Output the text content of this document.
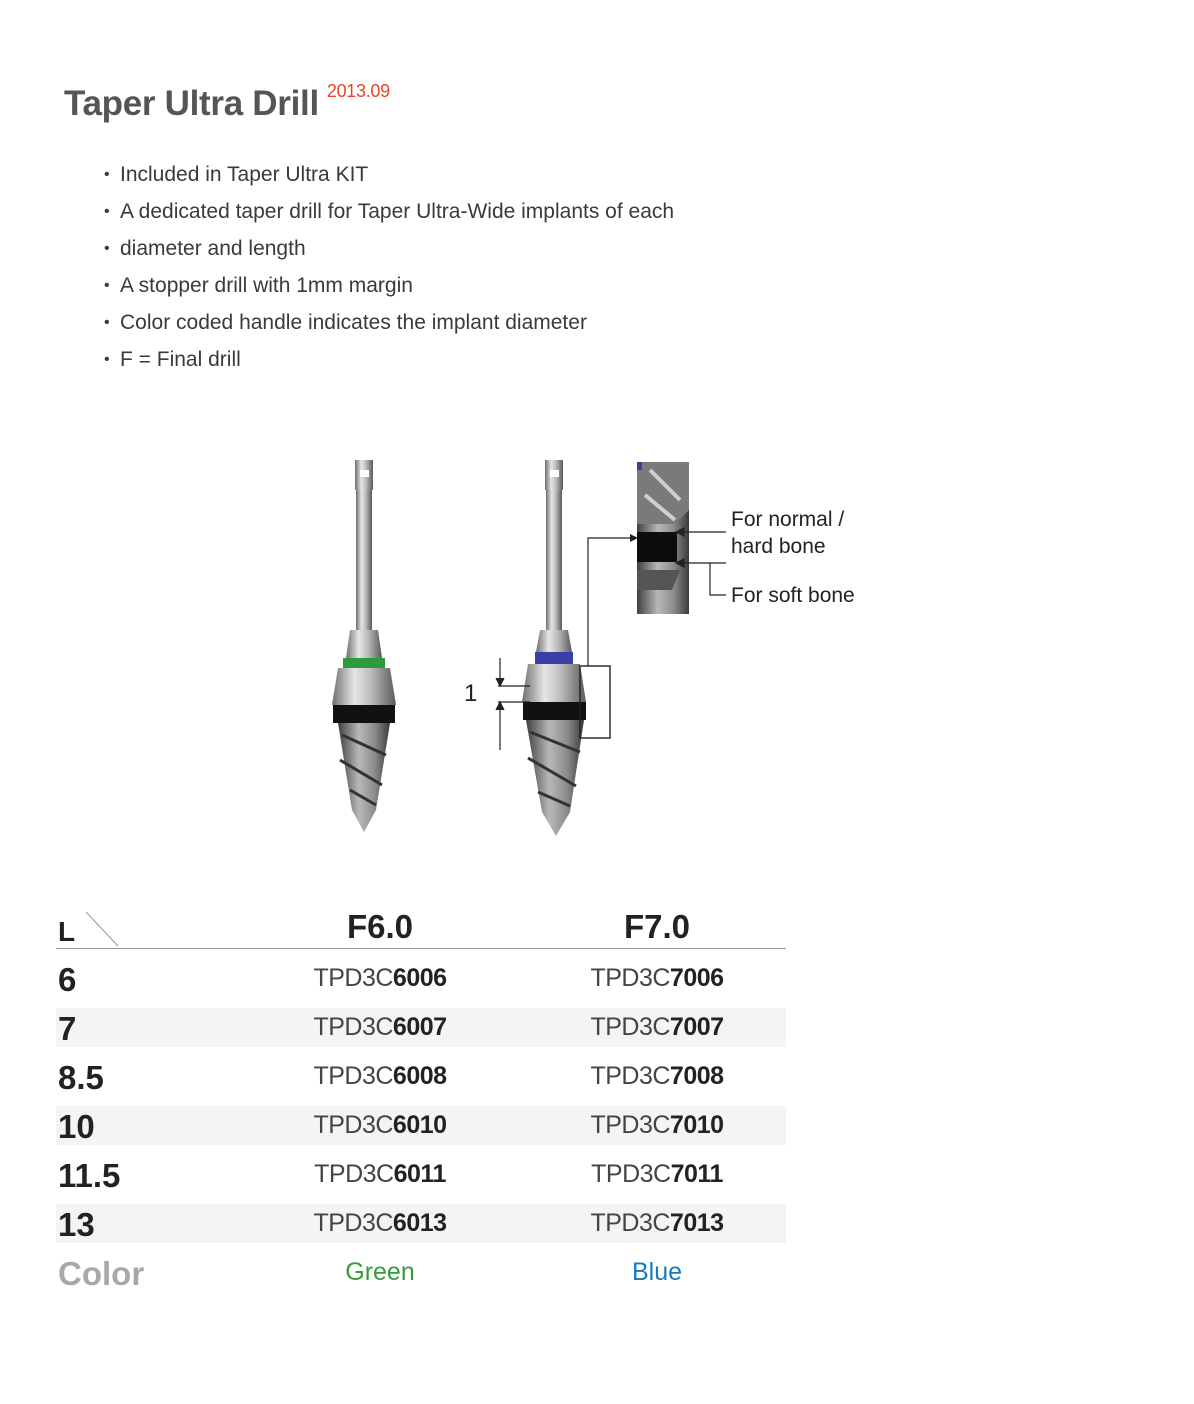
Taper Ultra Drill $^{2013.09}$
• Included in Taper Ultra KIT
• A dedicated taper drill for Taper Ultra-Wide implants of each
• diameter and length
• A stopper drill with 1mm margin
• Color coded handle indicates the implant diameter
• F = Final drill
For normal /
hard bone
For soft bone
1
L	F6.0	F7.0
6	TPD3C6006	TPD3C7006
7	TPD3C6007	TPD3C7007
8.5	TPD3C6008	TPD3C7008
10	TPD3C6010	TPD3C7010
11.5	TPD3C6011	TPD3C7011
13	TPD3C6013	TPD3C7013
Color	Green	Blue
